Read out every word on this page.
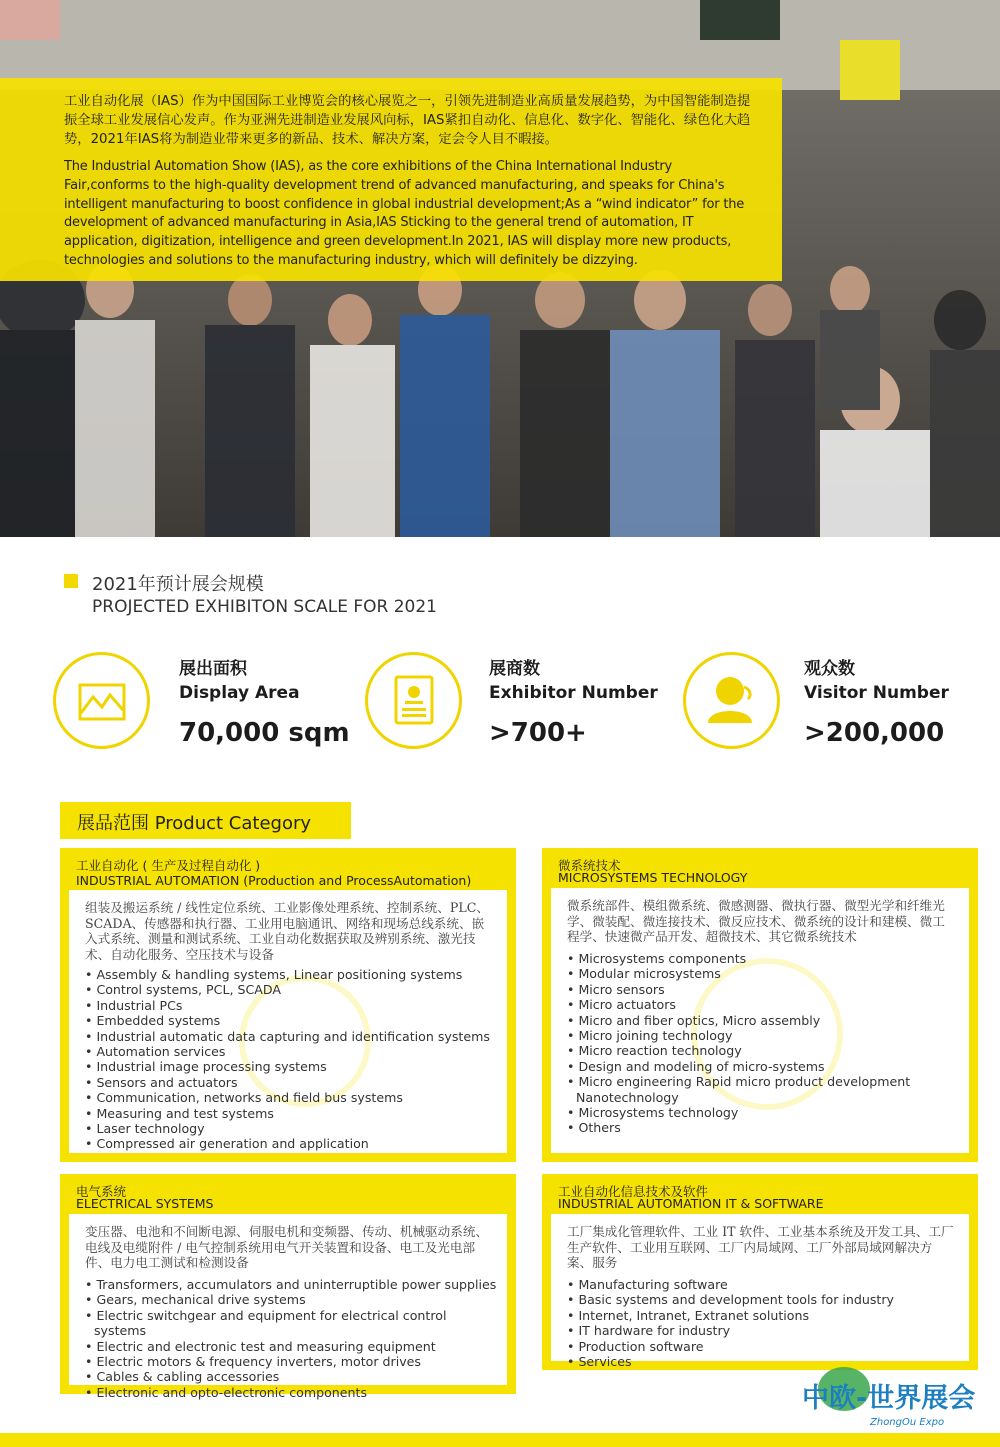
工业自动化展（IAS）作为中国国际工业博览会的核心展览之一，引领先进制造业高质量发展趋势，为中国智能制造提振全球工业发展信心发声。作为亚洲先进制造业发展风向标，IAS紧扣自动化、信息化、数字化、智能化、绿色化大趋势，2021年IAS将为制造业带来更多的新品、技术、解决方案，定会令人目不暇接。

The Industrial Automation Show (IAS), as the core exhibitions of the China International Industry Fair,conforms to the high-quality development trend of advanced manufacturing, and speaks for China's intelligent manufacturing to boost confidence in global industrial development;As a “wind indicator” for the development of advanced manufacturing in Asia,IAS Sticking to the general trend of automation, IT application, digitization, intelligence and green development.In 2021, IAS will display more new products, technologies and solutions to the manufacturing industry, which will definitely be dizzying.

2021年预计展会规模
PROJECTED EXHIBITON SCALE FOR 2021
展出面积
Display Area
70,000 sqm
展商数
Exhibitor Number
>700+
观众数
Visitor Number
>200,000
展品范围 Product Category
工业自动化 ( 生产及过程自动化 )
INDUSTRIAL AUTOMATION (Production and ProcessAutomation)
组装及搬运系统 / 线性定位系统、工业影像处理系统、控制系统、PLC、SCADA、传感器和执行器、工业用电脑通讯、网络和现场总线系统、嵌入式系统、测量和测试系统、工业自动化数据获取及辨别系统、激光技术、自动化服务、空压技术与设备
• Assembly & handling systems, Linear positioning systems
• Control systems, PCL, SCADA
• Industrial PCs
• Embedded systems
• Industrial automatic data capturing and identification systems
• Automation services
• Industrial image processing systems
• Sensors and actuators
• Communication, networks and field bus systems
• Measuring and test systems
• Laser technology
• Compressed air generation and application
微系统技术
MICROSYSTEMS TECHNOLOGY
微系统部件、模组微系统、微感测器、微执行器、微型光学和纤维光学、微装配、微连接技术、微反应技术、微系统的设计和建模、微工程学、快速微产品开发、超微技术、其它微系统技术
• Microsystems components
• Modular microsystems
• Micro sensors
• Micro actuators
• Micro and fiber optics, Micro assembly
• Micro joining technology
• Micro reaction technology
• Design and modeling of micro-systems
• Micro engineering Rapid micro product development Nanotechnology
• Microsystems technology
• Others
电气系统
ELECTRICAL SYSTEMS
变压器、电池和不间断电源、伺服电机和变频器、传动、机械驱动系统、电线及电缆附件 / 电气控制系统用电气开关装置和设备、电工及光电部件、电力电工测试和检测设备
• Transformers, accumulators and uninterruptible power supplies
• Gears, mechanical drive systems
• Electric switchgear and equipment for electrical control systems
• Electric and electronic test and measuring equipment
• Electric motors & frequency inverters, motor drives
• Cables & cabling accessories
• Electronic and opto-electronic components
工业自动化信息技术及软件
INDUSTRIAL AUTOMATION IT & SOFTWARE
工厂集成化管理软件、工业 IT 软件、工业基本系统及开发工具、工厂生产软件、工业用互联网、工厂内局域网、工厂外部局域网解决方案、服务
• Manufacturing software
• Basic systems and development tools for industry
• Internet, Intranet, Extranet solutions
• IT hardware for industry
• Production software
• Services
中欧-世界展会
ZhongOu Expo
